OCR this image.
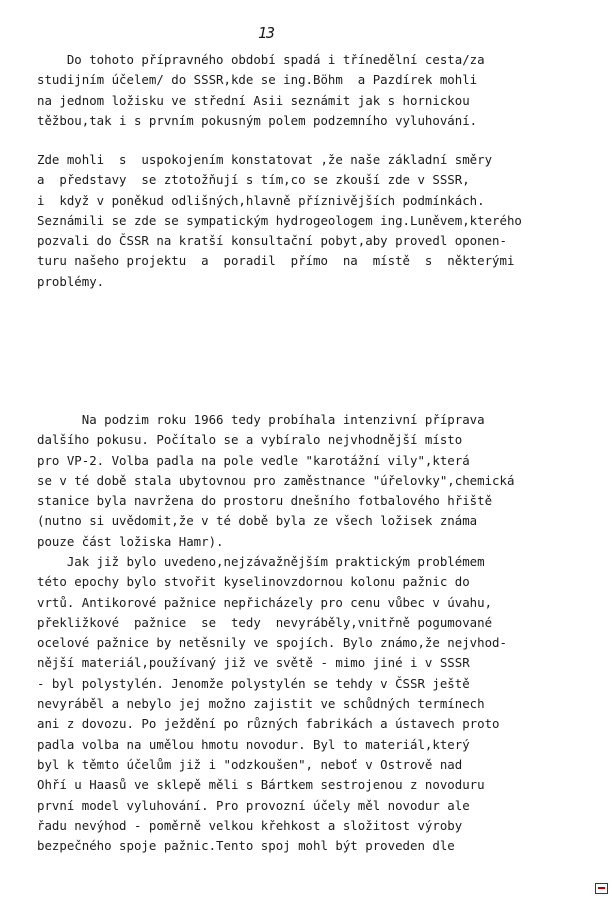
13
Do tohoto přípravného období spadá i třínedělní cesta/za
studijním účelem/ do SSSR,kde se ing.Böhm  a Pazdírek mohli
na jednom ložisku ve střední Asii seznámit jak s hornickou
těžbou,tak i s prvním pokusným polem podzemního vyluhování.
Zde mohli  s  uspokojením konstatovat ,že naše základní směry
a  představy  se ztotožňují s tím,co se zkouší zde v SSSR,
i  když v poněkud odlišných,hlavně příznivějších podmínkách.
Seznámili se zde se sympatickým hydrogeologem ing.Luněvem,kterého
pozvali do ČSSR na kratší konsultační pobyt,aby provedl oponen-
turu našeho projektu  a  poradil  přímo  na  místě  s  některými
problémy.
Na podzim roku 1966 tedy probíhala intenzivní příprava
dalšího pokusu. Počítalo se a vybíralo nejvhodnější místo
pro VP-2. Volba padla na pole vedle "karotážní vily",která
se v té době stala ubytovnou pro zaměstnance "úřelovky",chemická
stanice byla navržena do prostoru dnešního fotbalového hřiště
(nutno si uvědomit,že v té době byla ze všech ložisek známa
pouze část ložiska Hamr).
Jak již bylo uvedeno,nejzávažnějším praktickým problémem
této epochy bylo stvořit kyselinovzdornou kolonu pažnic do
vrtů. Antikorové pažnice nepřicházely pro cenu vůbec v úvahu,
překližkové  pažnice  se  tedy  nevyráběly,vnitřně pogumované
ocelové pažnice by netěsnily ve spojích. Bylo známo,že nejvhod-
nější materiál,používaný již ve světě - mimo jiné i v SSSR
- byl polystylén. Jenomže polystylén se tehdy v ČSSR ještě
nevyráběl a nebylo jej možno zajistit ve schůdných termínech
ani z dovozu. Po ježdění po různých fabrikách a ústavech proto
padla volba na umělou hmotu novodur. Byl to materiál,který
byl k těmto účelům již i "odzkoušen", neboť v Ostrově nad
Ohří u Haasů ve sklepě měli s Bártkem sestrojenou z novoduru
první model vyluhování. Pro provozní účely měl novodur ale
řadu nevýhod - poměrně velkou křehkost a složitost výroby
bezpečného spoje pažnic.Tento spoj mohl být proveden dle
